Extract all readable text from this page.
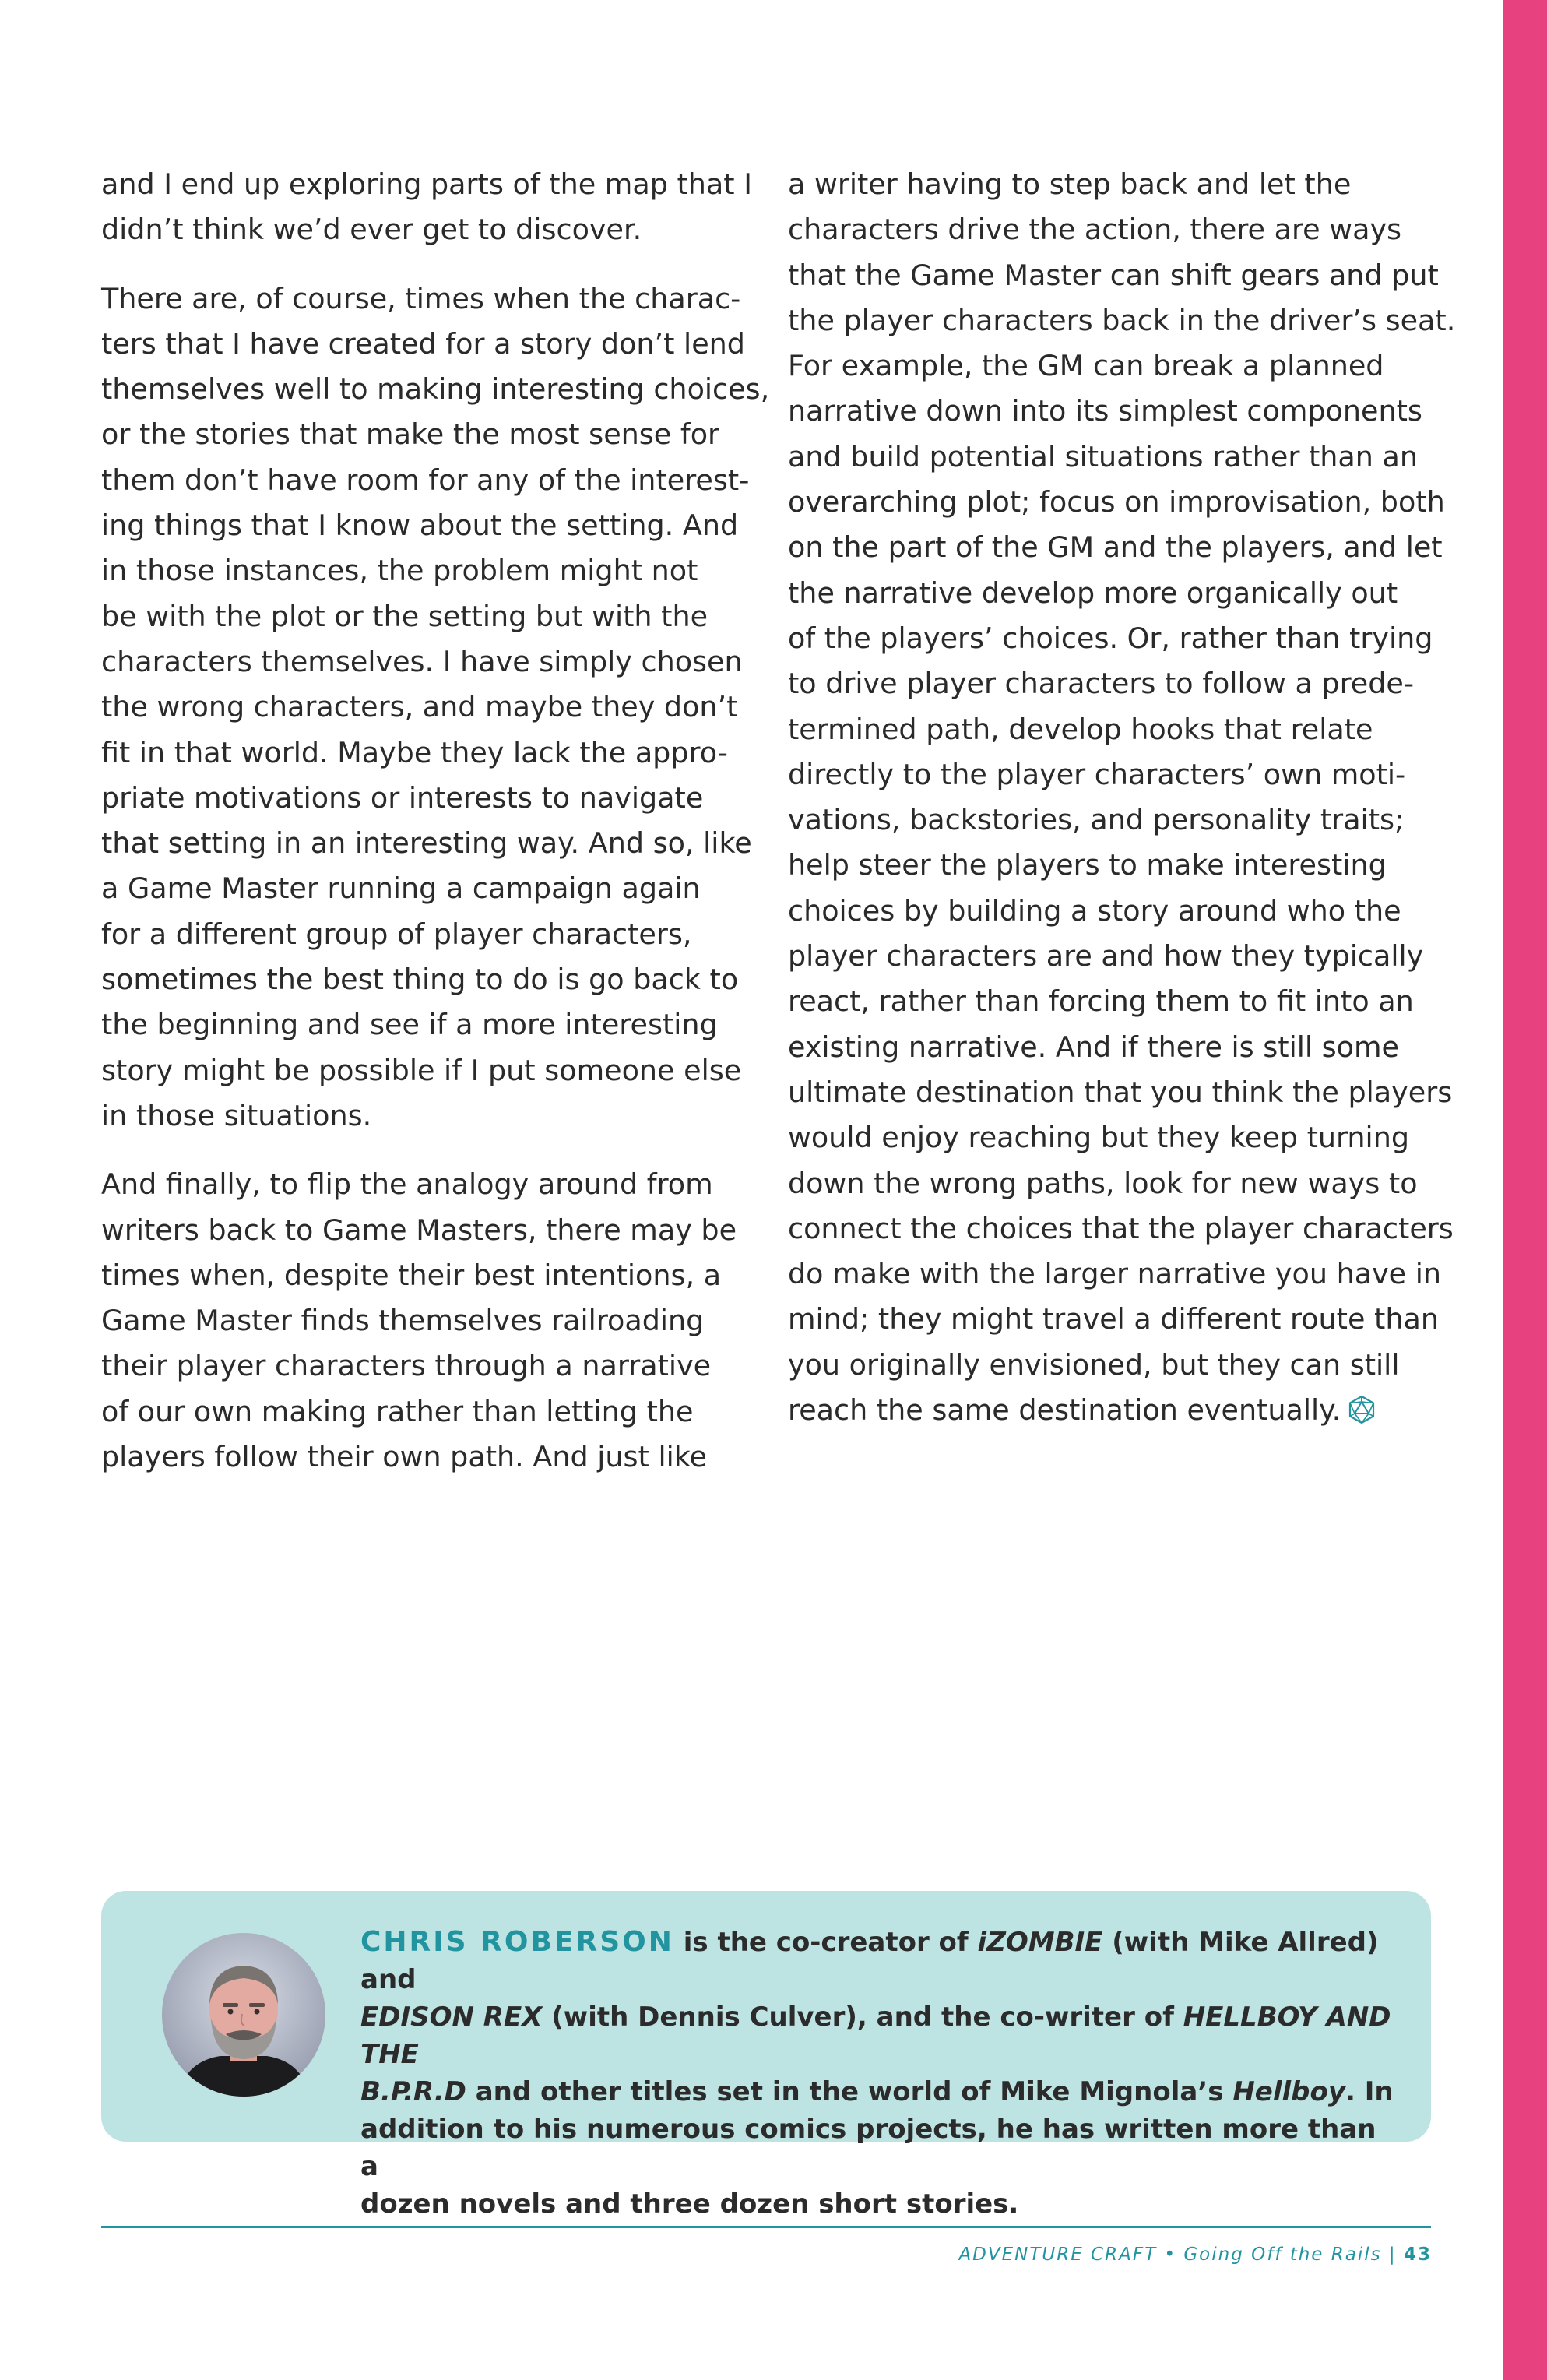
and I end up exploring parts of the map that I
didn’t think we’d ever get to discover.

There are, of course, times when the charac-
ters that I have created for a story don’t lend
themselves well to making interesting choices,
or the stories that make the most sense for
them don’t have room for any of the interest-
ing things that I know about the setting. And
in those instances, the problem might not
be with the plot or the setting but with the
characters themselves. I have simply chosen
the wrong characters, and maybe they don’t
fit in that world. Maybe they lack the appro-
priate motivations or interests to navigate
that setting in an interesting way. And so, like
a Game Master running a campaign again
for a different group of player characters,
sometimes the best thing to do is go back to
the beginning and see if a more interesting
story might be possible if I put someone else
in those situations.

And finally, to flip the analogy around from
writers back to Game Masters, there may be
times when, despite their best intentions, a
Game Master finds themselves railroading
their player characters through a narrative
of our own making rather than letting the
players follow their own path. And just like

a writer having to step back and let the
characters drive the action, there are ways
that the Game Master can shift gears and put
the player characters back in the driver’s seat.
For example, the GM can break a planned
narrative down into its simplest components
and build potential situations rather than an
overarching plot; focus on improvisation, both
on the part of the GM and the players, and let
the narrative develop more organically out
of the players’ choices. Or, rather than trying
to drive player characters to follow a prede-
termined path, develop hooks that relate
directly to the player characters’ own moti-
vations, backstories, and personality traits;
help steer the players to make interesting
choices by building a story around who the
player characters are and how they typically
react, rather than forcing them to fit into an
existing narrative. And if there is still some
ultimate destination that you think the players
would enjoy reaching but they keep turning
down the wrong paths, look for new ways to
connect the choices that the player characters
do make with the larger narrative you have in
mind; they might travel a different route than
you originally envisioned, but they can still
reach the same destination eventually.

CHRIS ROBERSON is the co-creator of iZOMBIE (with Mike Allred) and
EDISON REX (with Dennis Culver), and the co-writer of HELLBOY AND THE
B.P.R.D and other titles set in the world of Mike Mignola’s Hellboy. In
addition to his numerous comics projects, he has written more than a
dozen novels and three dozen short stories.
ADVENTURE CRAFT • Going Off the Rails | 43
